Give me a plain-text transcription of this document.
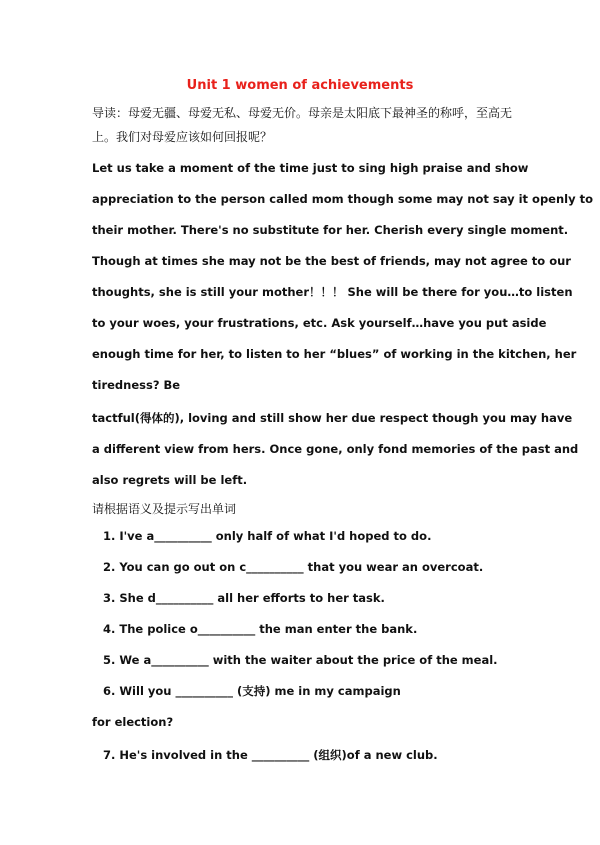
Unit 1 women of achievements
导读：母爱无疆、母爱无私、母爱无价。母亲是太阳底下最神圣的称呼，至高无
上。我们对母爱应该如何回报呢？
Let us take a moment of the time just to sing high praise and show
appreciation to the person called mom though some may not say it openly to
their mother. There's no substitute for her. Cherish every single moment.
Though at times she may not be the best of friends, may not agree to our
thoughts, she is still your mother！！！ She will be there for you…to listen
to your woes, your frustrations, etc. Ask yourself…have you put aside
enough time for her, to listen to her “blues” of working in the kitchen, her
tiredness? Be
tactful(得体的), loving and still show her due respect though you may have
a different view from hers. Once gone, only fond memories of the past and
also regrets will be left.
请根据语义及提示写出单词
1. I've a__________ only half of what I'd hoped to do.
2. You can go out on c__________ that you wear an overcoat.
3. She d__________ all her efforts to her task.
4. The police o__________ the man enter the bank.
5. We a__________ with the waiter about the price of the meal.
6. Will you __________ (支持) me in my campaign
for election?
7. He's involved in the __________ (组织)of a new club.
